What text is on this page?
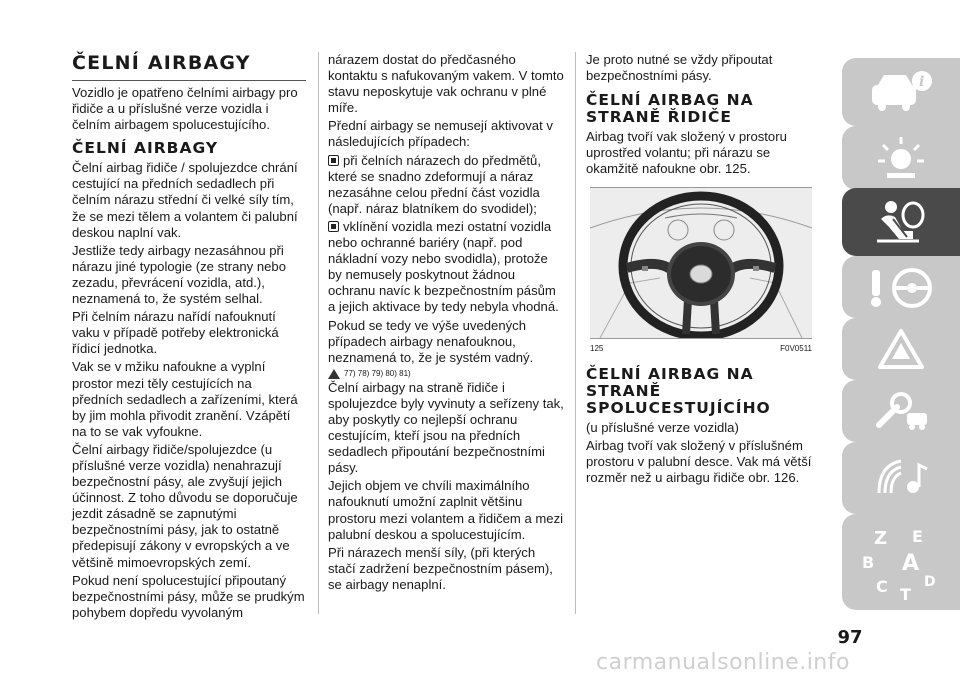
ČELNÍ AIRBAGY

Vozidlo je opatřeno čelními airbagy pro řidiče a u příslušné verze vozidla i čelním airbagem spolucestujícího.

ČELNÍ AIRBAGY

Čelní airbag řidiče / spolujezdce chrání cestující na předních sedadlech při čelním nárazu střední či velké síly tím, že se mezi tělem a volantem či palubní deskou naplní vak.

Jestliže tedy airbagy nezasáhnou při nárazu jiné typologie (ze strany nebo zezadu, převrácení vozidla, atd.), neznamená to, že systém selhal.

Při čelním nárazu nařídí nafouknutí vaku v případě potřeby elektronická řídicí jednotka.

Vak se v mžiku nafoukne a vyplní prostor mezi těly cestujících na předních sedadlech a zařízeními, která by jim mohla přivodit zranění. Vzápětí na to se vak vyfoukne.

Čelní airbagy řidiče/spolujezdce (u příslušné verze vozidla) nenahrazují bezpečnostní pásy, ale zvyšují jejich účinnost. Z toho důvodu se doporučuje jezdit zásadně se zapnutými bezpečnostními pásy, jak to ostatně předepisují zákony v evropských a ve většině mimoevropských zemí.

Pokud není spolucestující připoutaný bezpečnostními pásy, může se prudkým pohybem dopředu vyvolaným

nárazem dostat do předčasného kontaktu s nafukovaným vakem. V tomto stavu neposkytuje vak ochranu v plné míře.

Přední airbagy se nemusejí aktivovat v následujících případech:

při čelních nárazech do předmětů, které se snadno zdeformují a náraz nezasáhne celou přední část vozidla (např. náraz blatníkem do svodidel);

vklínění vozidla mezi ostatní vozidla nebo ochranné bariéry (např. pod nákladní vozy nebo svodidla), protože by nemusely poskytnout žádnou ochranu navíc k bezpečnostním pásům a jejich aktivace by tedy nebyla vhodná.

Pokud se tedy ve výše uvedených případech airbagy nenafouknou, neznamená to, že je systém vadný.

77) 78) 79) 80) 81)

Čelní airbagy na straně řidiče i spolujezdce byly vyvinuty a seřízeny tak, aby poskytly co nejlepší ochranu cestujícím, kteří jsou na předních sedadlech připoutání bezpečnostními pásy.

Jejich objem ve chvíli maximálního nafouknutí umožní zaplnit většinu prostoru mezi volantem a řidičem a mezi palubní deskou a spolucestujícím.

Při nárazech menší síly, (při kterých stačí zadržení bezpečnostním pásem), se airbagy nenaplní.

Je proto nutné se vždy připoutat bezpečnostními pásy.

ČELNÍ AIRBAG NA STRANĚ ŘIDIČE

Airbag tvoří vak složený v prostoru uprostřed volantu; při nárazu se okamžitě nafoukne obr. 125.

125	F0V0511
ČELNÍ AIRBAG NA STRANĚ SPOLUCESTUJÍCÍHO

(u příslušné verze vozidla)

Airbag tvoří vak složený v příslušném prostoru v palubní desce. Vak má větší rozměr než u airbagu řidiče obr. 126.

i
Z E
B A
C	D
T
97
carmanualsonline.info
